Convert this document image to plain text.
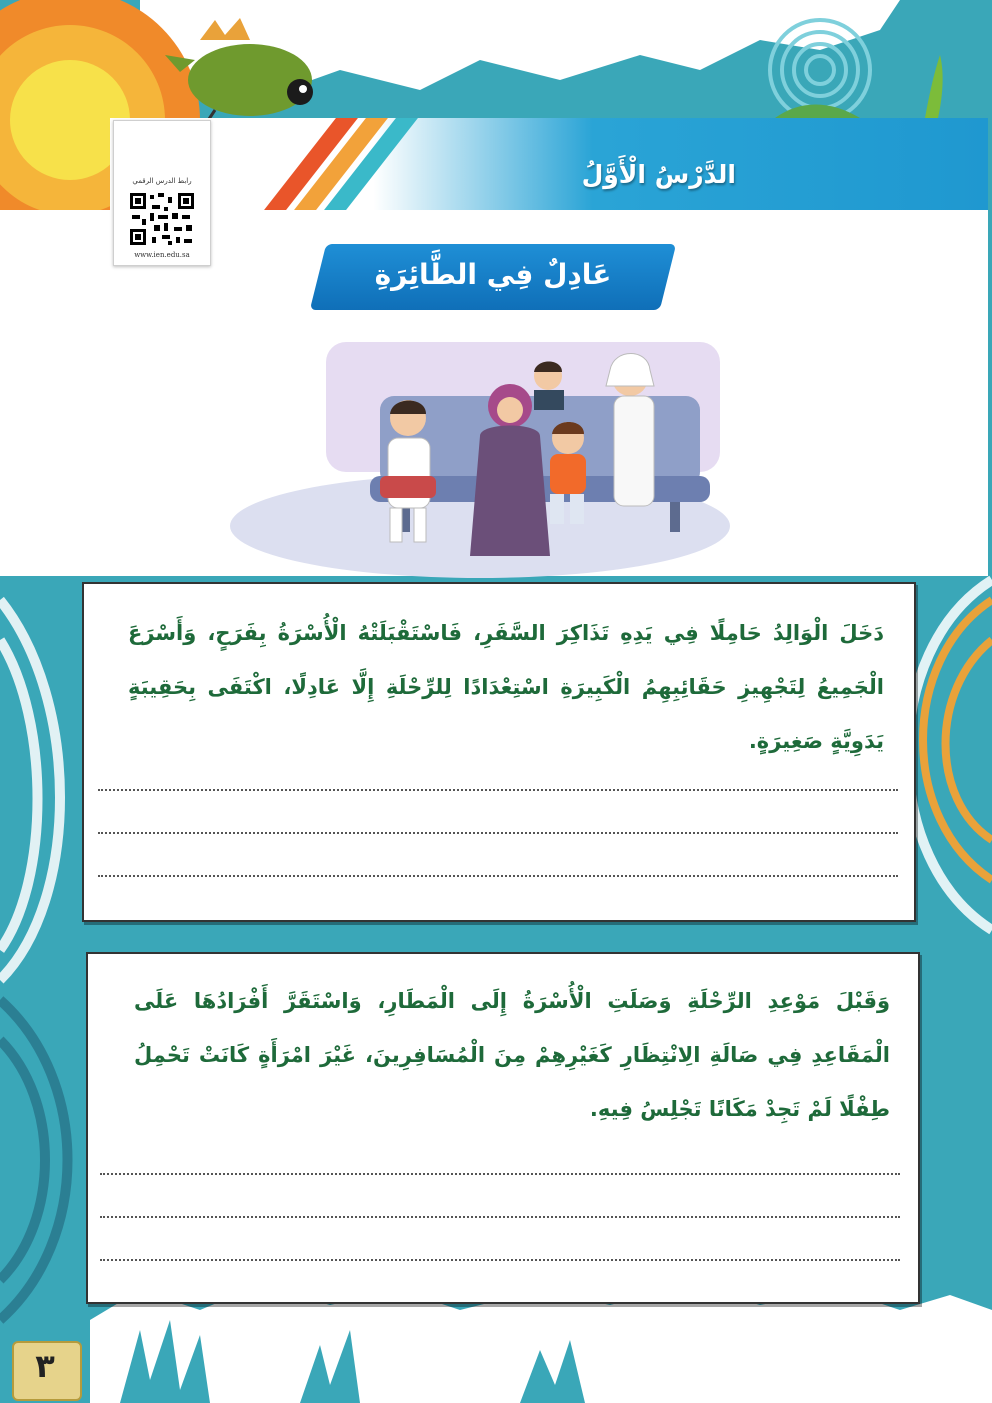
الدَّرْسُ الْأَوَّلُ
رابط الدرس الرقمي
www.ien.edu.sa
عَادِلٌ فِي الطَّائِرَةِ
دَخَلَ الْوَالِدُ حَامِلًا فِي يَدِهِ تَذَاكِرَ السَّفَرِ، فَاسْتَقْبَلَتْهُ الْأُسْرَةُ بِفَرَحٍ، وَأَسْرَعَ الْجَمِيعُ لِتَجْهِيزِ حَقَائِبِهِمُ الْكَبِيرَةِ اسْتِعْدَادًا لِلرِّحْلَةِ إِلَّا عَادِلًا، اكْتَفَى بِحَقِيبَةٍ يَدَوِيَّةٍ صَغِيرَةٍ.
وَقَبْلَ مَوْعِدِ الرِّحْلَةِ وَصَلَتِ الْأُسْرَةُ إِلَى الْمَطَارِ، وَاسْتَقَرَّ أَفْرَادُهَا عَلَى الْمَقَاعِدِ فِي صَالَةِ الِانْتِظَارِ كَغَيْرِهِمْ مِنَ الْمُسَافِرِينَ، غَيْرَ امْرَأَةٍ كَانَتْ تَحْمِلُ طِفْلًا لَمْ تَجِدْ مَكَانًا تَجْلِسُ فِيهِ.
٣
